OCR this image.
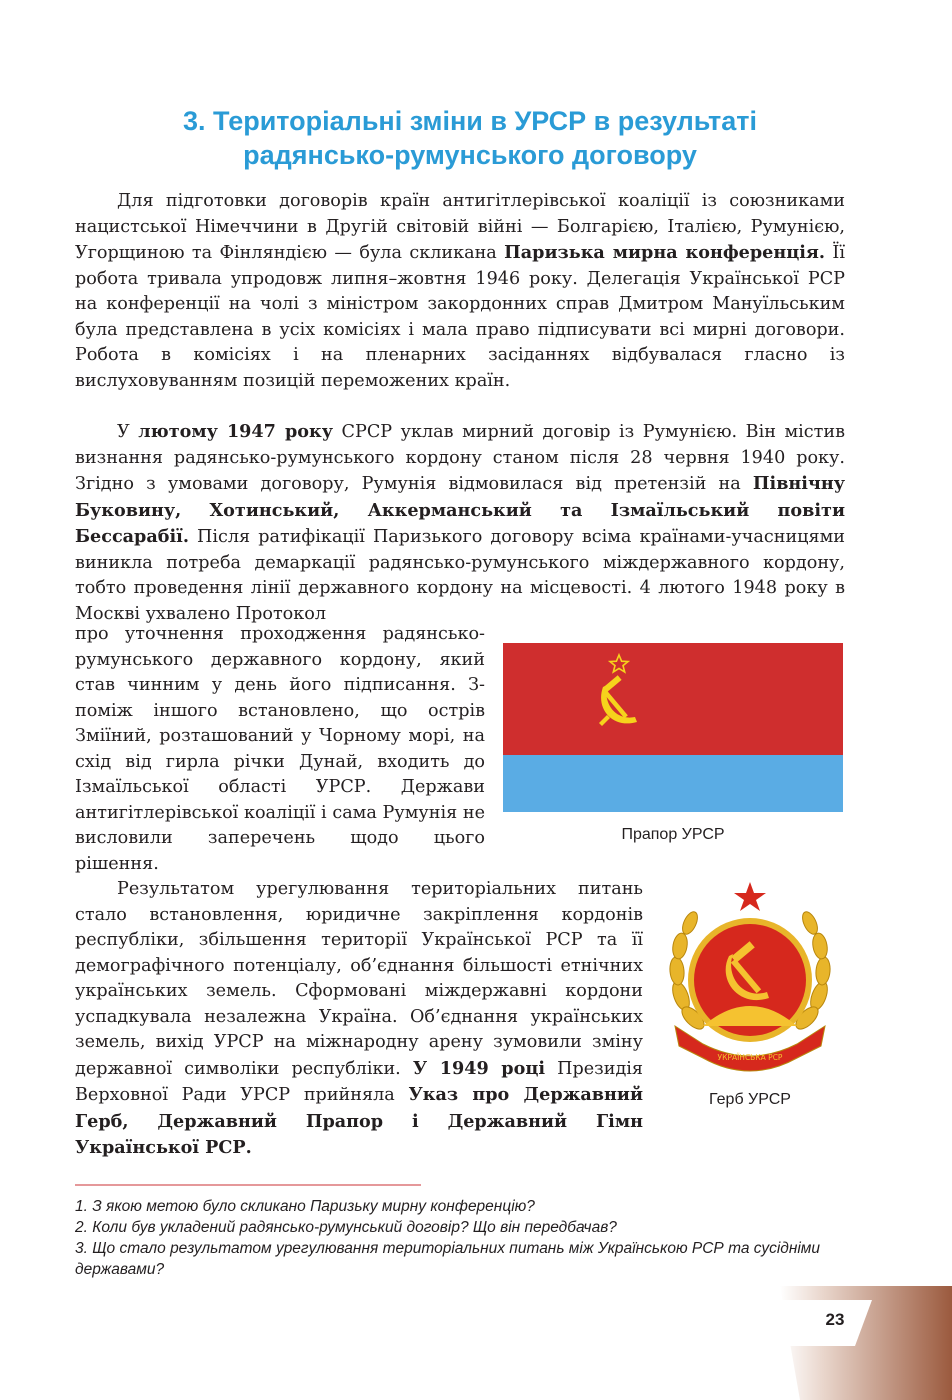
3. Територіальні зміни в УРСР в результаті
радянсько-румунського договору

Для підготовки договорів країн антигітлерівської коаліції із союзниками нацистської Німеччини в Другій світовій війні — Болгарією, Італією, Румунією, Угорщиною та Фінляндією — була скликана Паризька мирна конференція. Її робота тривала упродовж липня–жовтня 1946 року. Делегація Української РСР на конференції на чолі з міністром закордонних справ Дмитром Мануїльським була представлена в усіх комісіях і мала право підписувати всі мирні договори. Робота в комісіях і на пленарних засіданнях відбувалася гласно із вислуховуванням позицій переможених країн.

У лютому 1947 року СРСР уклав мирний договір із Румунією. Він містив визнання радянсько-румунського кордону станом після 28 червня 1940 року. Згідно з умовами договору, Румунія відмовилася від претензій на Північну Буковину, Хотинський, Аккерманський та Ізмаїльський повіти Бессарабії. Після ратифікації Паризького договору всіма країнами-учасницями виникла потреба демаркації радянсько-румунського міждержавного кордону, тобто проведення лінії державного кордону на місцевості. 4 лютого 1948 року в Москві ухвалено Протокол

про уточнення проходження радянсько-румунського державного кордону, який став чинним у день його підписання. З-поміж іншого встановлено, що острів Зміїний, розташований у Чорному морі, на схід від гирла річки Дунай, входить до Ізмаїльської області УРСР. Держави антигітлерівської коаліції і сама Румунія не висловили заперечень щодо цього рішення.

Прапор УРСР

Результатом урегулювання територіальних питань стало встановлення, юридичне закріплення кордонів республіки, збільшення території Української РСР та її демографічного потенціалу, об’єднання більшості етнічних українських земель. Сформовані міждержавні кордони успадкувала незалежна Україна. Об’єднання українських земель, вихід УРСР на міжнародну арену зумовили зміну державної символіки республіки. У 1949 році Президія Верховної Ради УРСР прийняла Указ про Державний Герб, Державний Прапор і Державний Гімн Української РСР.

УКРАЇНСЬКА РСР
Герб УРСР
1. З якою метою було скликано Паризьку мирну конференцію?
2. Коли був укладений радянсько-румунський договір? Що він передбачав?
3. Що стало результатом урегулювання територіальних питань між Українською РСР та сусідніми державами?
23
